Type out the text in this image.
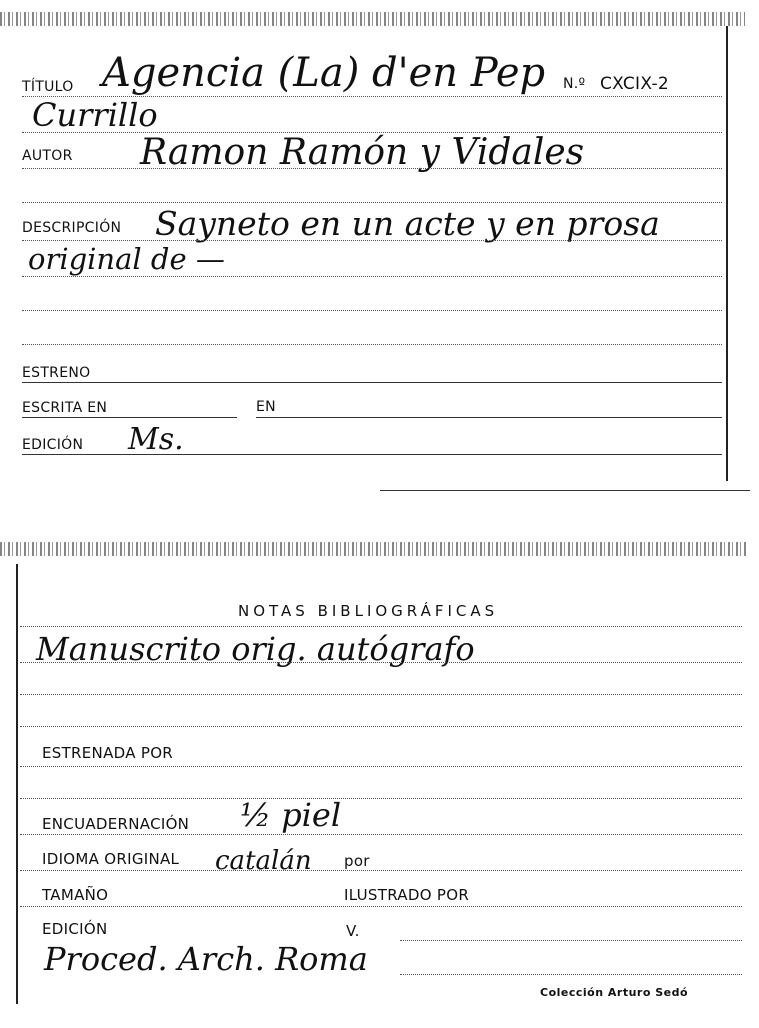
TÍTULO Agencia (La) d'en Pep N.º CXCIX-2
Currillo
AUTOR Ramon Ramón y Vidales
DESCRIPCIÓN Sayneto en un acte y en prosa
original de —
ESTRENO
ESCRITA EN	EN
EDICIÓN Ms.
NOTAS BIBLIOGRÁFICAS
Manuscrito orig. autógrafo
ESTRENADA POR
ENCUADERNACIÓN ½ piel
IDIOMA ORIGINAL catalán por
TAMAÑO	ILUSTRADO POR
EDICIÓN	V.
Proced. Arch. Roma
Colección Arturo Sedó
